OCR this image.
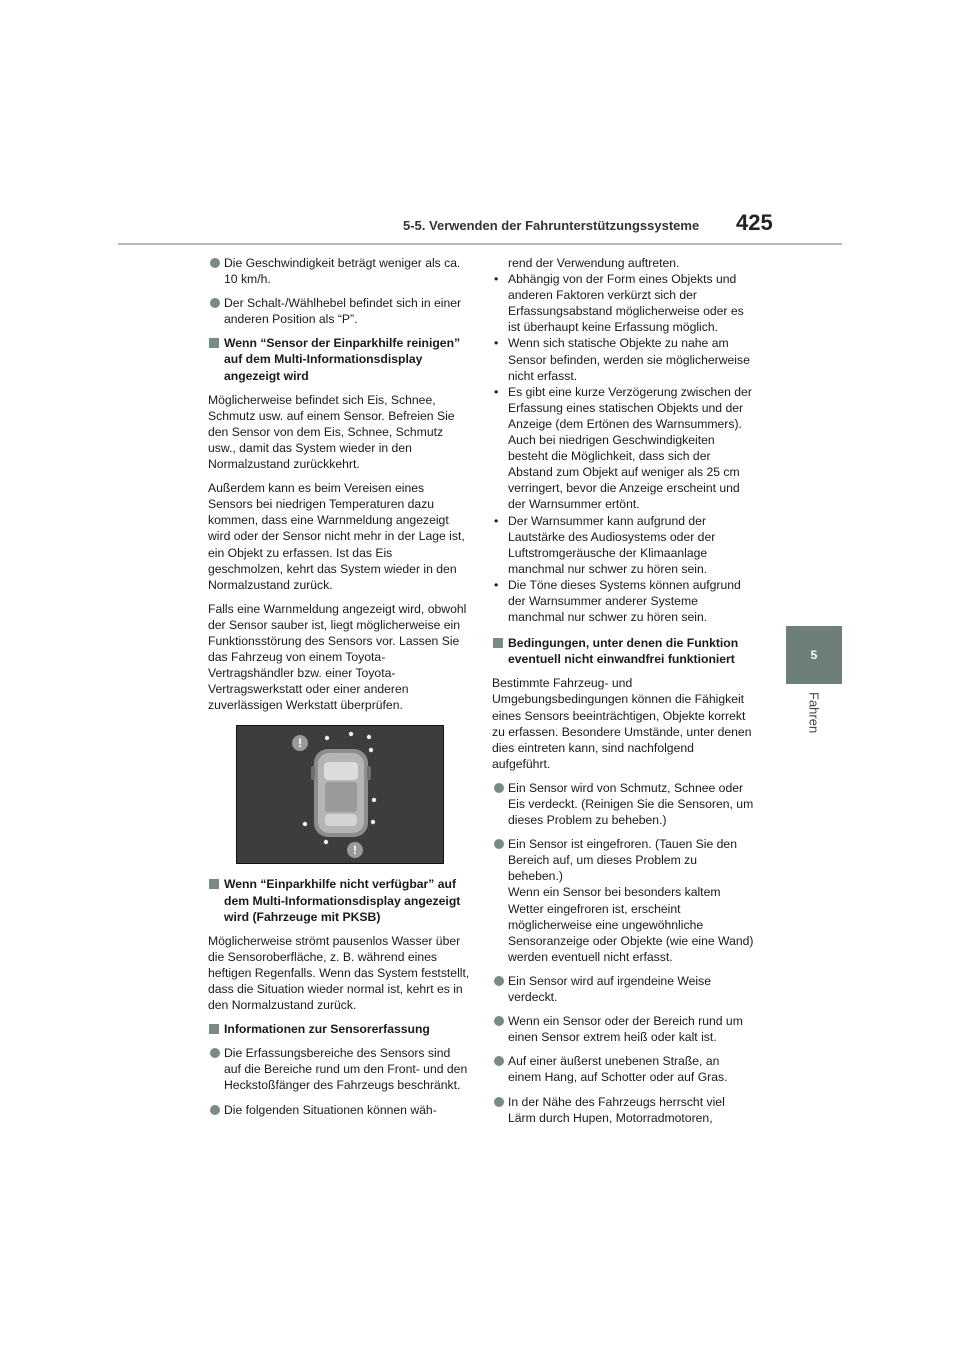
5-5. Verwenden der Fahrunterstützungssysteme 425
5
Fahren
Die Geschwindigkeit beträgt weniger als ca. 10 km/h.
Der Schalt-/Wählhebel befindet sich in einer anderen Position als “P”.
Wenn “Sensor der Einparkhilfe reinigen” auf dem Multi-Informationsdisplay angezeigt wird
Möglicherweise befindet sich Eis, Schnee, Schmutz usw. auf einem Sensor. Befreien Sie den Sensor von dem Eis, Schnee, Schmutz usw., damit das System wieder in den Normalzustand zurückkehrt.
Außerdem kann es beim Vereisen eines Sensors bei niedrigen Temperaturen dazu kommen, dass eine Warnmeldung angezeigt wird oder der Sensor nicht mehr in der Lage ist, ein Objekt zu erfassen. Ist das Eis geschmolzen, kehrt das System wieder in den Normalzustand zurück.
Falls eine Warnmeldung angezeigt wird, obwohl der Sensor sauber ist, liegt möglicherweise ein Funktionsstörung des Sensors vor. Lassen Sie das Fahrzeug von einem Toyota-Vertragshändler bzw. einer Toyota-Vertragswerkstatt oder einer anderen zuverlässigen Werkstatt überprüfen.
!
!
Wenn “Einparkhilfe nicht verfügbar” auf dem Multi-Informationsdisplay angezeigt wird (Fahrzeuge mit PKSB)
Möglicherweise strömt pausenlos Wasser über die Sensoroberfläche, z. B. während eines heftigen Regenfalls. Wenn das System feststellt, dass die Situation wieder normal ist, kehrt es in den Normalzustand zurück.
Informationen zur Sensorerfassung
Die Erfassungsbereiche des Sensors sind auf die Bereiche rund um den Front- und den Heckstoßfänger des Fahrzeugs beschränkt.
Die folgenden Situationen können wäh-
rend der Verwendung auftreten.
• Abhängig von der Form eines Objekts und anderen Faktoren verkürzt sich der Erfassungsabstand möglicherweise oder es ist überhaupt keine Erfassung möglich.
• Wenn sich statische Objekte zu nahe am Sensor befinden, werden sie möglicherweise nicht erfasst.
• Es gibt eine kurze Verzögerung zwischen der Erfassung eines statischen Objekts und der Anzeige (dem Ertönen des Warnsummers). Auch bei niedrigen Geschwindigkeiten besteht die Möglichkeit, dass sich der Abstand zum Objekt auf weniger als 25 cm verringert, bevor die Anzeige erscheint und der Warnsummer ertönt.
• Der Warnsummer kann aufgrund der Lautstärke des Audiosystems oder der Luftstromgeräusche der Klimaanlage manchmal nur schwer zu hören sein.
• Die Töne dieses Systems können aufgrund der Warnsummer anderer Systeme manchmal nur schwer zu hören sein.
Bedingungen, unter denen die Funktion eventuell nicht einwandfrei funktioniert
Bestimmte Fahrzeug- und Umgebungsbedingungen können die Fähigkeit eines Sensors beeinträchtigen, Objekte korrekt zu erfassen. Besondere Umstände, unter denen dies eintreten kann, sind nachfolgend aufgeführt.
Ein Sensor wird von Schmutz, Schnee oder Eis verdeckt. (Reinigen Sie die Sensoren, um dieses Problem zu beheben.)
Ein Sensor ist eingefroren. (Tauen Sie den Bereich auf, um dieses Problem zu beheben.)
Wenn ein Sensor bei besonders kaltem Wetter eingefroren ist, erscheint möglicherweise eine ungewöhnliche Sensoranzeige oder Objekte (wie eine Wand) werden eventuell nicht erfasst.
Ein Sensor wird auf irgendeine Weise verdeckt.
Wenn ein Sensor oder der Bereich rund um einen Sensor extrem heiß oder kalt ist.
Auf einer äußerst unebenen Straße, an einem Hang, auf Schotter oder auf Gras.
In der Nähe des Fahrzeugs herrscht viel Lärm durch Hupen, Motorradmotoren,
